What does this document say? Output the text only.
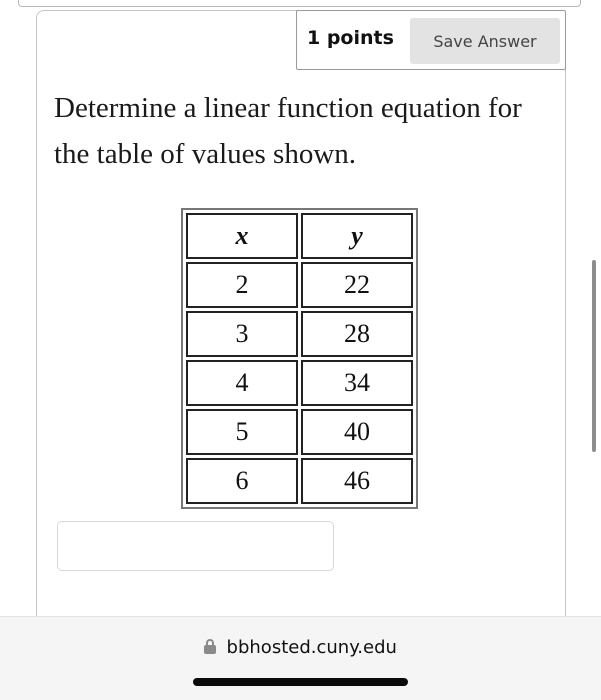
1 points	Save Answer
Determine a linear function equation for the table of values shown.
x	y
2	22
3	28
4	34
5	40
6	46
bbhosted.cuny.edu
